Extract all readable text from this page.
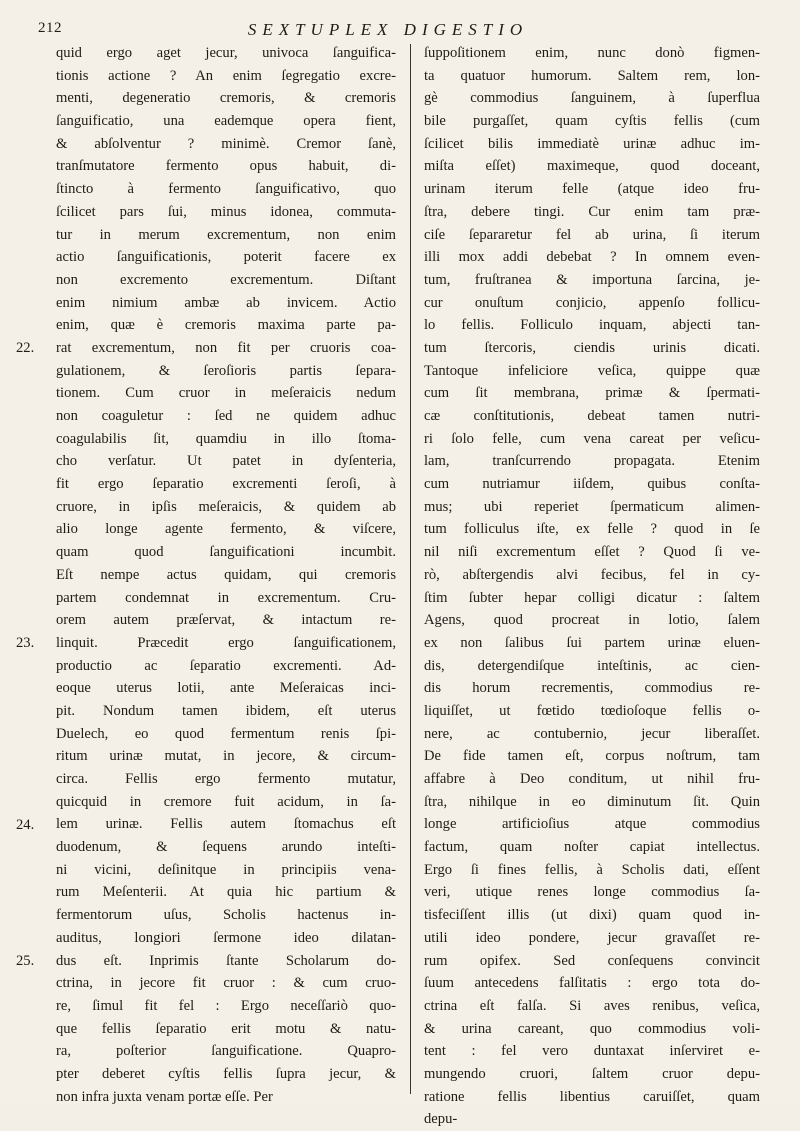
212	SEXTUPLEX DIGESTIO
22.
23.
24.
25.
quid ergo aget jecur, univoca ſanguifica-
tionis actione ? An enim ſegregatio excre-
menti, degeneratio cremoris, & cremoris
ſanguificatio, una eademque opera fient,
& abſolventur ? minimè. Cremor ſanè,
tranſmutatore fermento opus habuit, di-
ſtincto à fermento ſanguificativo, quo
ſcilicet pars ſui, minus idonea, commuta-
tur in merum excrementum, non enim
actio ſanguificationis, poterit facere ex
non excremento excrementum. Diſtant
enim nimium ambæ ab invicem. Actio
enim, quæ è cremoris maxima parte pa-
rat excrementum, non fit per cruoris coa-
gulationem, & ſeroſioris partis ſepara-
tionem. Cum cruor in meſeraicis nedum
non coaguletur : ſed ne quidem adhuc
coagulabilis ſit, quamdiu in illo ſtoma-
cho verſatur. Ut patet in dyſenteria,
fit ergo ſeparatio excrementi ſeroſi, à
cruore, in ipſis meſeraicis, & quidem ab
alio longe agente fermento, & viſcere,
quam quod ſanguificationi incumbit.
Eſt nempe actus quidam, qui cremoris
partem condemnat in excrementum. Cru-
orem autem præſervat, & intactum re-
linquit. Præcedit ergo ſanguificationem,
productio ac ſeparatio excrementi. Ad-
eoque uterus lotii, ante Meſeraicas inci-
pit. Nondum tamen ibidem, eſt uterus
Duelech, eo quod fermentum renis ſpi-
ritum urinæ mutat, in jecore, & circum-
circa. Fellis ergo fermento mutatur,
quicquid in cremore fuit acidum, in ſa-
lem urinæ. Fellis autem ſtomachus eſt
duodenum, & ſequens arundo inteſti-
ni vicini, deſinitque in principiis vena-
rum Meſenterii. At quia hic partium &
fermentorum uſus, Scholis hactenus in-
auditus, longiori ſermone ideo dilatan-
dus eſt. Inprimis ſtante Scholarum do-
ctrina, in jecore fit cruor : & cum cruo-
re, ſimul fit fel : Ergo neceſſariò quo-
que fellis ſeparatio erit motu & natu-
ra, poſterior ſanguificatione. Quapro-
pter deberet cyſtis fellis ſupra jecur, &
non infra juxta venam portæ eſſe. Per
ſuppoſitionem enim, nunc donò figmen-
ta quatuor humorum. Saltem rem, lon-
gè commodius ſanguinem, à ſuperflua
bile purgaſſet, quam cyſtis fellis (cum
ſcilicet bilis immediatè urinæ adhuc im-
miſta eſſet) maximeque, quod doceant,
urinam iterum felle (atque ideo fru-
ſtra, debere tingi. Cur enim tam præ-
ciſe ſepararetur fel ab urina, ſi iterum
illi mox addi debebat ? In omnem even-
tum, fruſtranea & importuna ſarcina, je-
cur onuſtum conjicio, appenſo follicu-
lo fellis. Folliculo inquam, abjecti tan-
tum ſtercoris, ciendis urinis dicati.
Tantoque infeliciore veſica, quippe quæ
cum ſit membrana, primæ & ſpermati-
cæ conſtitutionis, debeat tamen nutri-
ri ſolo felle, cum vena careat per veſicu-
lam, tranſcurrendo propagata. Etenim
cum nutriamur iiſdem, quibus conſta-
mus; ubi reperiet ſpermaticum alimen-
tum folliculus iſte, ex felle ? quod in ſe
nil niſi excrementum eſſet ? Quod ſi ve-
rò, abſtergendis alvi fecibus, fel in cy-
ſtim ſubter hepar colligi dicatur : ſaltem
Agens, quod procreat in lotio, ſalem
ex non ſalibus ſui partem urinæ eluen-
dis, detergendiſque inteſtinis, ac cien-
dis horum recrementis, commodius re-
liquiſſet, ut fœtido tœdioſoque fellis o-
nere, ac contubernio, jecur liberaſſet.
De fide tamen eſt, corpus noſtrum, tam
affabre à Deo conditum, ut nihil fru-
ſtra, nihilque in eo diminutum ſit. Quin
longe artificioſius atque commodius
factum, quam noſter capiat intellectus.
Ergo ſi fines fellis, à Scholis dati, eſſent
veri, utique renes longe commodius ſa-
tisfeciſſent illis (ut dixi) quam quod in-
utili ideo pondere, jecur gravaſſet re-
rum opifex. Sed conſequens convincit
ſuum antecedens falſitatis : ergo tota do-
ctrina eſt falſa. Si aves renibus, veſica,
& urina careant, quo commodius voli-
tent : fel vero duntaxat inſerviret e-
mungendo cruori, ſaltem cruor depu-
ratione fellis libentius caruiſſet, quam
depu-
